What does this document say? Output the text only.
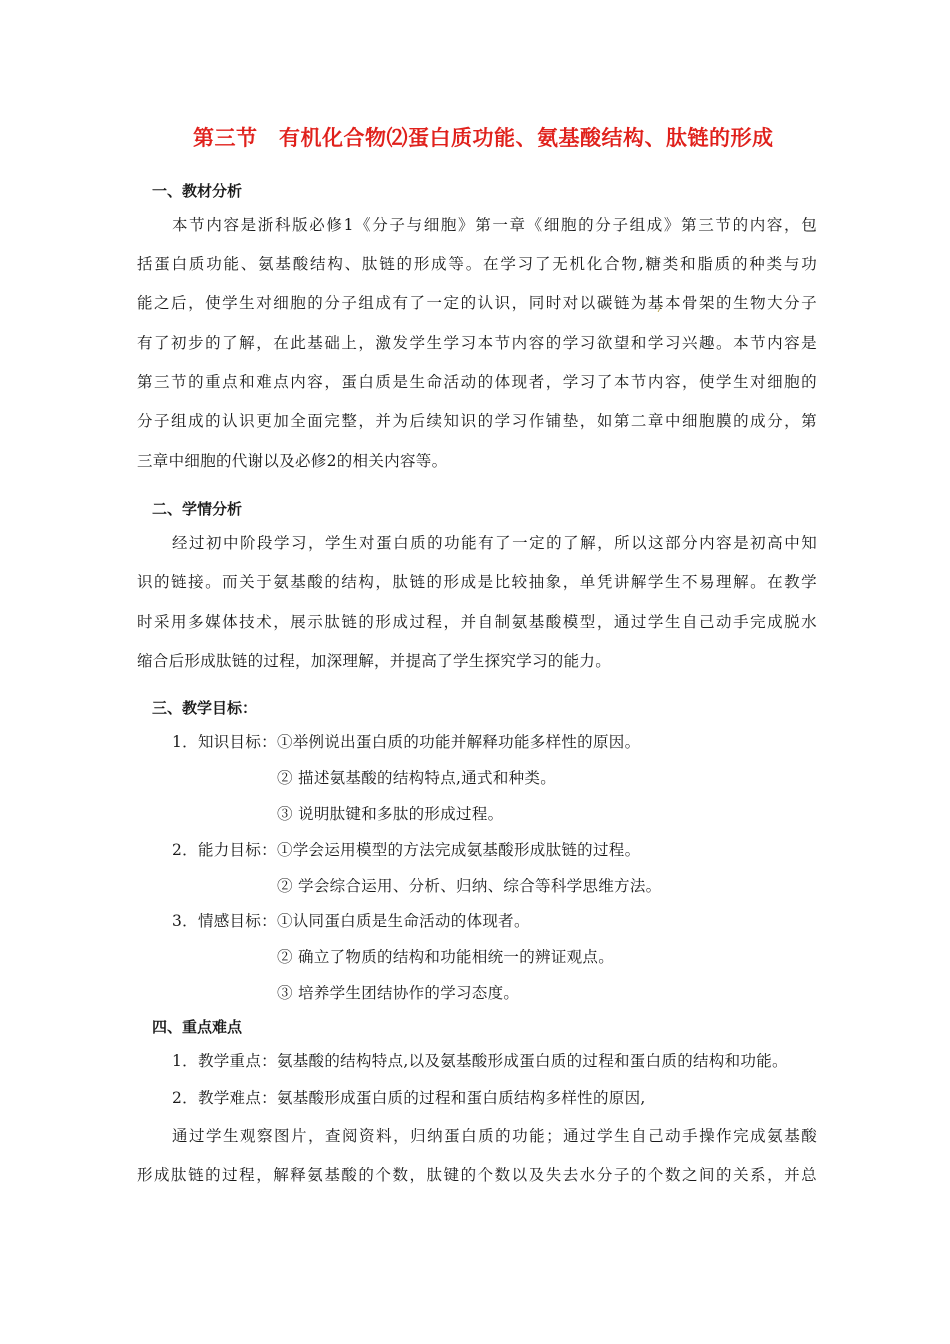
第三节　有机化合物⑵蛋白质功能、氨基酸结构、肽链的形成
一、教材分析
本节内容是浙科版必修1《分子与细胞》第一章《细胞的分子组成》第三节的内容，包
括蛋白质功能、氨基酸结构、肽链的形成等。在学习了无机化合物,糖类和脂质的种类与功
能之后，使学生对细胞的分子组成有了一定的认识，同时对以碳链为基本骨架的生物大分子
有了初步的了解，在此基础上，激发学生学习本节内容的学习欲望和学习兴趣。本节内容是
第三节的重点和难点内容，蛋白质是生命活动的体现者，学习了本节内容，使学生对细胞的
分子组成的认识更加全面完整，并为后续知识的学习作铺垫，如第二章中细胞膜的成分，第
三章中细胞的代谢以及必修2的相关内容等。
二、学情分析
经过初中阶段学习，学生对蛋白质的功能有了一定的了解，所以这部分内容是初高中知
识的链接。而关于氨基酸的结构，肽链的形成是比较抽象，单凭讲解学生不易理解。在教学
时采用多媒体技术，展示肽链的形成过程，并自制氨基酸模型，通过学生自己动手完成脱水
缩合后形成肽链的过程，加深理解，并提高了学生探究学习的能力。
三、教学目标：
1．知识目标：①举例说出蛋白质的功能并解释功能多样性的原因。
② 描述氨基酸的结构特点,通式和种类。
③ 说明肽键和多肽的形成过程。
2．能力目标：①学会运用模型的方法完成氨基酸形成肽链的过程。
② 学会综合运用、分析、归纳、综合等科学思维方法。
3．情感目标：①认同蛋白质是生命活动的体现者。
② 确立了物质的结构和功能相统一的辨证观点。
③ 培养学生团结协作的学习态度。
四、重点难点
1．教学重点：氨基酸的结构特点,以及氨基酸形成蛋白质的过程和蛋白质的结构和功能。
2．教学难点：氨基酸形成蛋白质的过程和蛋白质结构多样性的原因,
通过学生观察图片，查阅资料，归纳蛋白质的功能；通过学生自己动手操作完成氨基酸
形成肽链的过程，解释氨基酸的个数，肽键的个数以及失去水分子的个数之间的关系，并总
